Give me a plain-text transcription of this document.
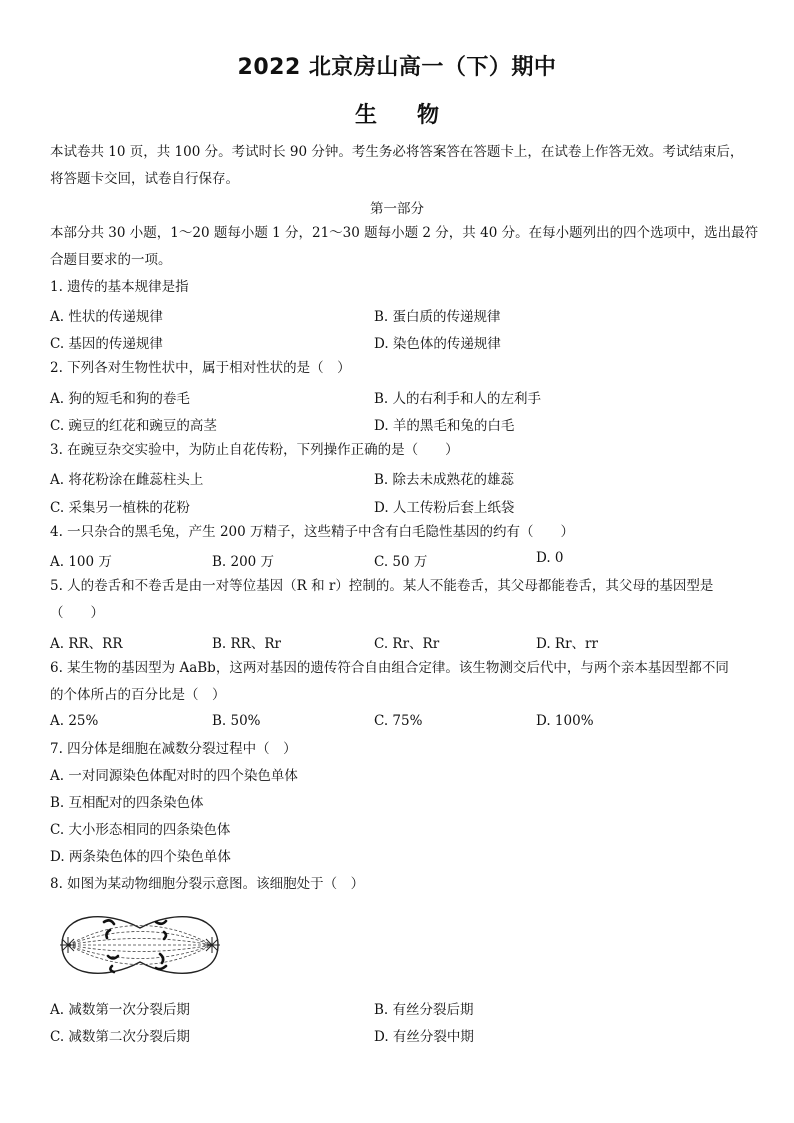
2022 北京房山高一（下）期中
生物
本试卷共 10 页，共 100 分。考试时长 90 分钟。考生务必将答案答在答题卡上，在试卷上作答无效。考试结束后，
将答题卡交回，试卷自行保存。
第一部分
本部分共 30 小题，1～20 题每小题 1 分，21～30 题每小题 2 分，共 40 分。在每小题列出的四个选项中，选出最符
合题目要求的一项。
1. 遗传的基本规律是指
A. 性状的传递规律	B. 蛋白质的传递规律
C. 基因的传递规律	D. 染色体的传递规律
2. 下列各对生物性状中，属于相对性状的是（　）
A. 狗的短毛和狗的卷毛	B. 人的右利手和人的左利手
C. 豌豆的红花和豌豆的高茎	D. 羊的黑毛和兔的白毛
3. 在豌豆杂交实验中，为防止自花传粉，下列操作正确的是（　　）
A. 将花粉涂在雌蕊柱头上	B. 除去未成熟花的雄蕊
C. 采集另一植株的花粉	D. 人工传粉后套上纸袋
4. 一只杂合的黑毛兔，产生 200 万精子，这些精子中含有白毛隐性基因的约有（　　）
A. 100 万	B. 200 万	C. 50 万	D. 0
5. 人的卷舌和不卷舌是由一对等位基因（R 和 r）控制的。某人不能卷舌，其父母都能卷舌，其父母的基因型是
（　　）
A. RR、RR	B. RR、Rr	C. Rr、Rr	D. Rr、rr
6. 某生物的基因型为 AaBb，这两对基因的遗传符合自由组合定律。该生物测交后代中，与两个亲本基因型都不同
的个体所占的百分比是（　）
A. 25%	B. 50%	C. 75%	D. 100%
7. 四分体是细胞在减数分裂过程中（　）
A. 一对同源染色体配对时的四个染色单体
B. 互相配对的四条染色体
C. 大小形态相同的四条染色体
D. 两条染色体的四个染色单体
8. 如图为某动物细胞分裂示意图。该细胞处于（　）
A. 减数第一次分裂后期	B. 有丝分裂后期
C. 减数第二次分裂后期	D. 有丝分裂中期
